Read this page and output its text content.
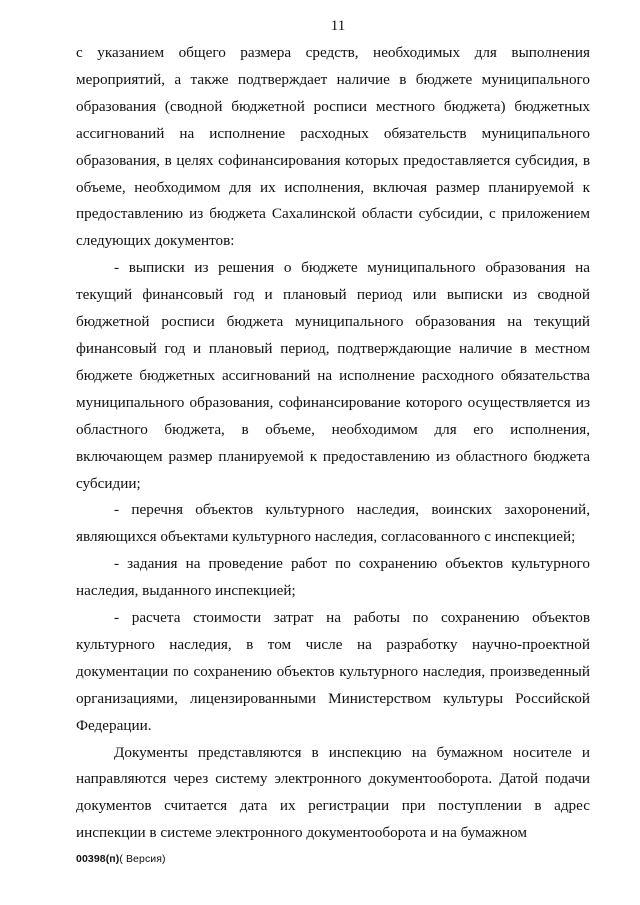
11

с указанием общего размера средств, необходимых для выполнения мероприятий, а также подтверждает наличие в бюджете муниципального образования (сводной бюджетной росписи местного бюджета) бюджетных ассигнований на исполнение расходных обязательств муниципального образования, в целях софинансирования которых предоставляется субсидия, в объеме, необходимом для их исполнения, включая размер планируемой к предоставлению из бюджета Сахалинской области субсидии, с приложением следующих документов:

- выписки из решения о бюджете муниципального образования на текущий финансовый год и плановый период или выписки из сводной бюджетной росписи бюджета муниципального образования на текущий финансовый год и плановый период, подтверждающие наличие в местном бюджете бюджетных ассигнований на исполнение расходного обязательства муниципального образования, софинансирование которого осуществляется из областного бюджета, в объеме, необходимом для его исполнения, включающем размер планируемой к предоставлению из областного бюджета субсидии;

- перечня объектов культурного наследия, воинских захоронений, являющихся объектами культурного наследия, согласованного с инспекцией;

- задания на проведение работ по сохранению объектов культурного наследия, выданного инспекцией;

- расчета стоимости затрат на работы по сохранению объектов культурного наследия, в том числе на разработку научно-проектной документации по сохранению объектов культурного наследия, произведенный организациями, лицензированными Министерством культуры Российской Федерации.

Документы представляются в инспекцию на бумажном носителе и направляются через систему электронного документооборота. Датой подачи документов считается дата их регистрации при поступлении в адрес инспекции в системе электронного документооборота и на бумажном

00398(п)( Версия)
